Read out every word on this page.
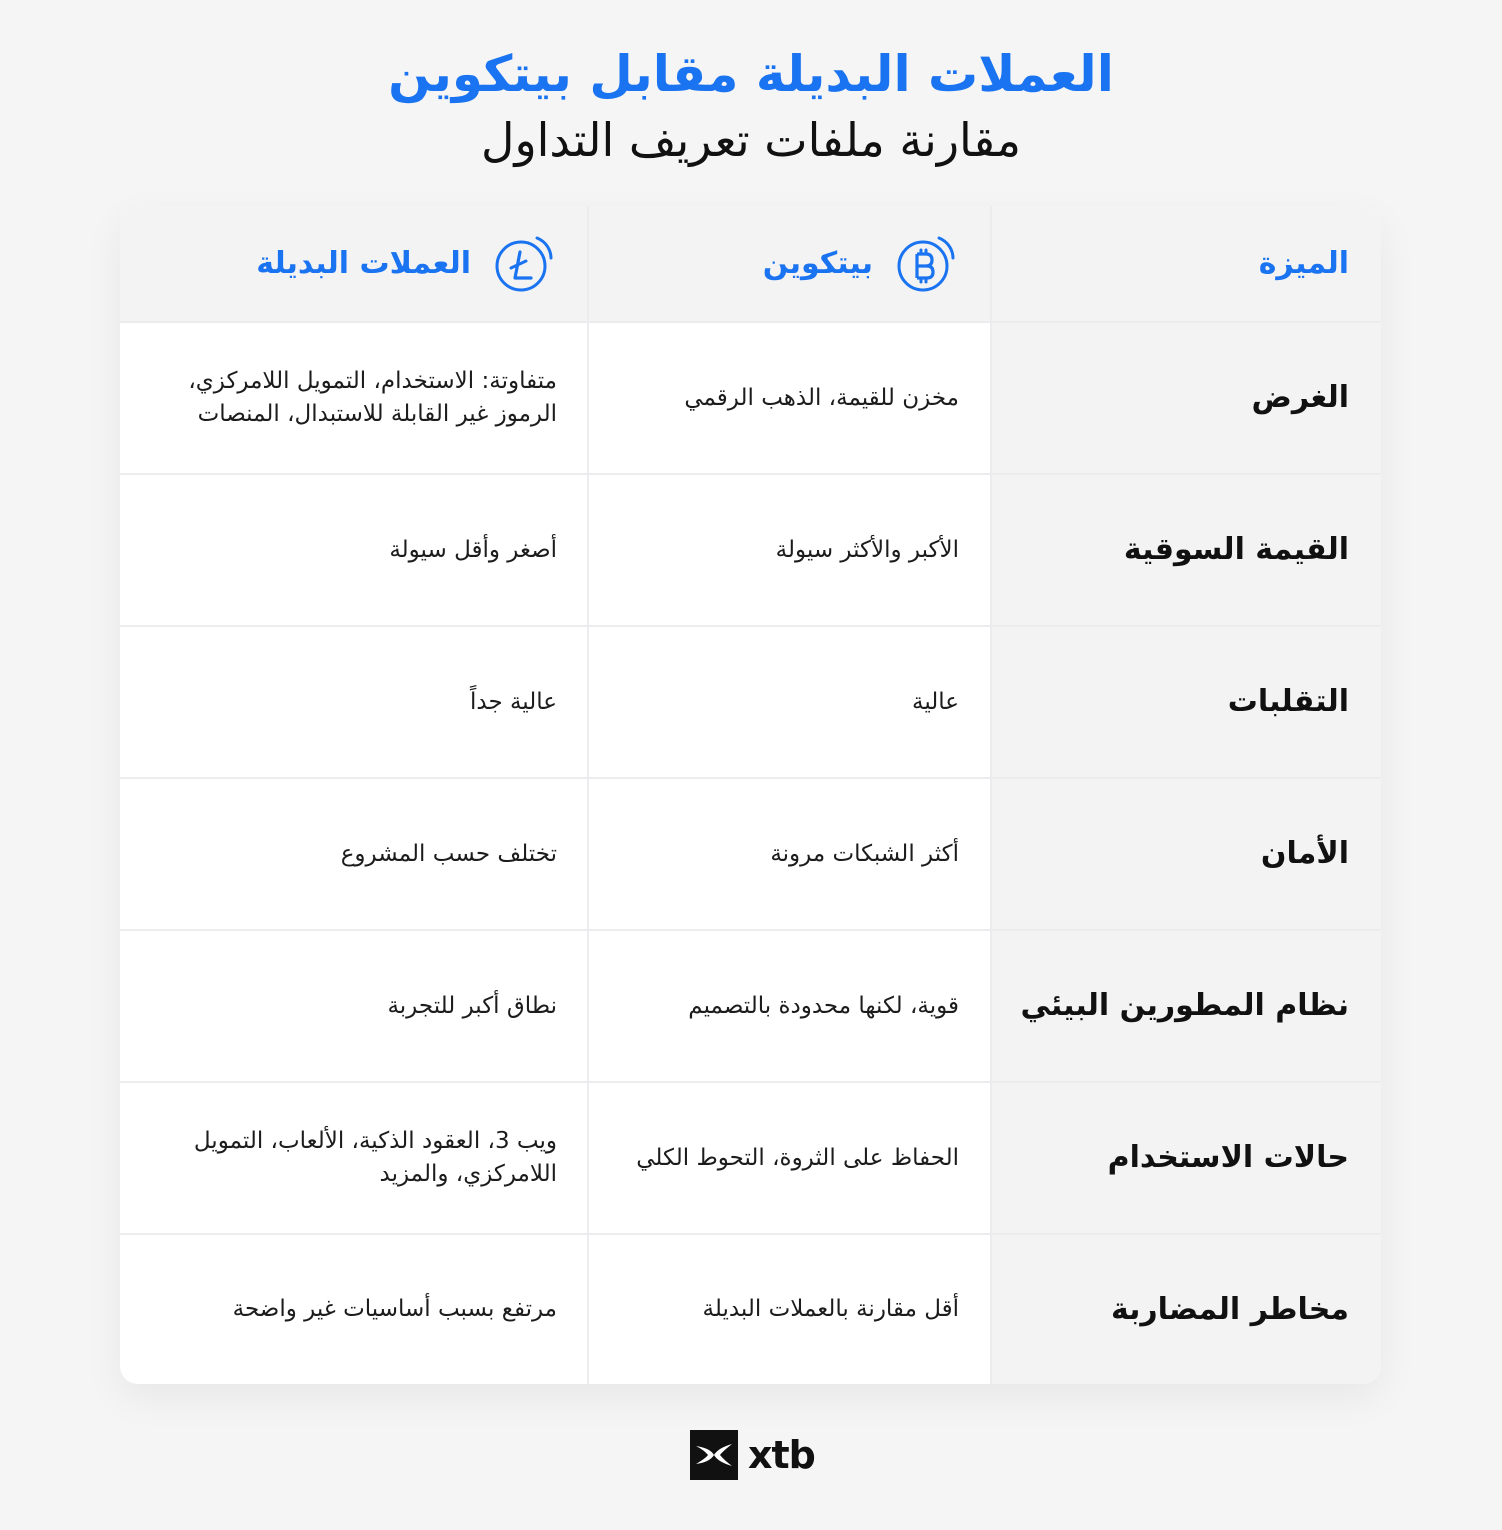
العملات البديلة مقابل بيتكوين
مقارنة ملفات تعريف التداول
الميزة
بيتكوين
العملات البديلة
الغرض
مخزن للقيمة، الذهب الرقمي
متفاوتة: الاستخدام، التمويل اللامركزي، الرموز غير القابلة للاستبدال، المنصات
القيمة السوقية
الأكبر والأكثر سيولة
أصغر وأقل سيولة
التقلبات
عالية
عالية جداً
الأمان
أكثر الشبكات مرونة
تختلف حسب المشروع
نظام المطورين البيئي
قوية، لكنها محدودة بالتصميم
نطاق أكبر للتجربة
حالات الاستخدام
الحفاظ على الثروة، التحوط الكلي
ويب 3، العقود الذكية، الألعاب، التمويل اللامركزي، والمزيد
مخاطر المضاربة
أقل مقارنة بالعملات البديلة
مرتفع بسبب أساسيات غير واضحة
xtb
